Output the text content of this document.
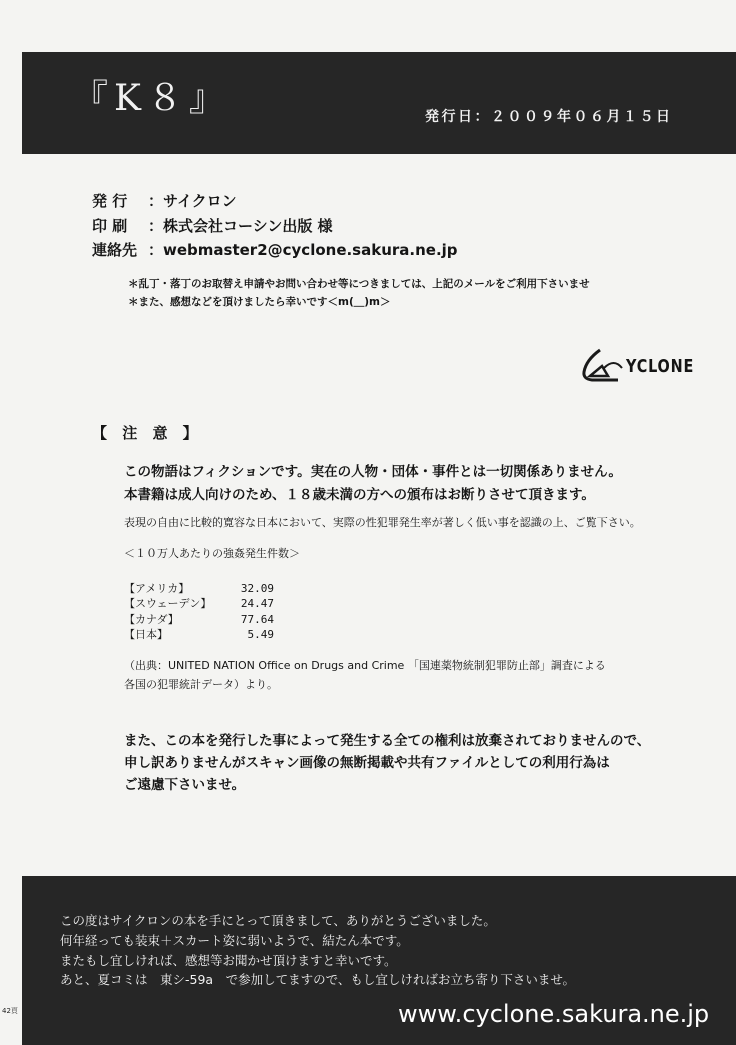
『K８』	発行日：２００９年０６月１５日
発 行 ：サイクロン
印 刷 ：株式会社コーシン出版 様
連絡先 ：webmaster2@cyclone.sakura.ne.jp
＊乱丁・落丁のお取替え申請やお問い合わせ等につきましては、上記のメールをご利用下さいませ
＊また、感想などを頂けましたら幸いです＜m(＿)m＞
YCLONE
【 注 意 】
この物語はフィクションです。実在の人物・団体・事件とは一切関係ありません。
本書籍は成人向けのため、１８歳未満の方への頒布はお断りさせて頂きます。
表現の自由に比較的寛容な日本において、実際の性犯罪発生率が著しく低い事を認識の上、ご覧下さい。
＜１０万人あたりの強姦発生件数＞
【アメリカ】	32.09
【スウェーデン】	24.47
【カナダ】	77.64
【日本】	5.49
（出典：UNITED NATION Office on Drugs and Crime 「国連薬物統制犯罪防止部」調査による
各国の犯罪統計データ）より。
また、この本を発行した事によって発生する全ての権利は放棄されておりませんので、
申し訳ありませんがスキャン画像の無断掲載や共有ファイルとしての利用行為は
ご遠慮下さいませ。
この度はサイクロンの本を手にとって頂きまして、ありがとうございました。
何年経っても装束＋スカート姿に弱いようで、結たん本です。
またもし宜しければ、感想等お聞かせ頂けますと幸いです。
あと、夏コミは　東シ-59a　で参加してますので、もし宜しければお立ち寄り下さいませ。
www.cyclone.sakura.ne.jp
42頁
